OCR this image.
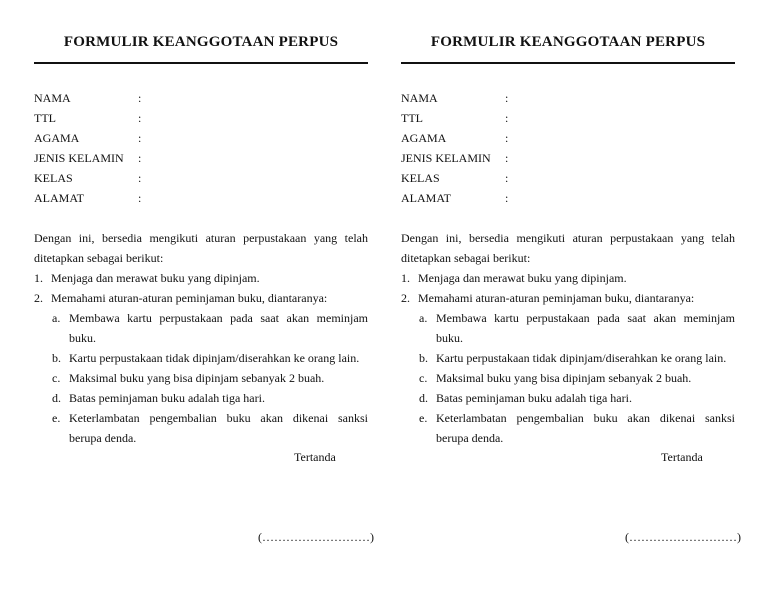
FORMULIR KEANGGOTAAN PERPUS
NAMA	:
TTL	:
AGAMA	:
JENIS KELAMIN :
KELAS	:
ALAMAT	:
Dengan ini, bersedia mengikuti aturan perpustakaan yang telah ditetapkan sebagai berikut:
1. Menjaga dan merawat buku yang dipinjam.
2. Memahami aturan-aturan peminjaman buku, diantaranya:
a. Membawa kartu perpustakaan pada saat akan meminjam buku.
b. Kartu perpustakaan tidak dipinjam/diserahkan ke orang lain.
c. Maksimal buku yang bisa dipinjam sebanyak 2 buah.
d. Batas peminjaman buku adalah tiga hari.
e. Keterlambatan pengembalian buku akan dikenai sanksi berupa denda.
Tertanda
(………………………)
FORMULIR KEANGGOTAAN PERPUS
NAMA	:
TTL	:
AGAMA	:
JENIS KELAMIN :
KELAS	:
ALAMAT	:
Dengan ini, bersedia mengikuti aturan perpustakaan yang telah ditetapkan sebagai berikut:
1. Menjaga dan merawat buku yang dipinjam.
2. Memahami aturan-aturan peminjaman buku, diantaranya:
a. Membawa kartu perpustakaan pada saat akan meminjam buku.
b. Kartu perpustakaan tidak dipinjam/diserahkan ke orang lain.
c. Maksimal buku yang bisa dipinjam sebanyak 2 buah.
d. Batas peminjaman buku adalah tiga hari.
e. Keterlambatan pengembalian buku akan dikenai sanksi berupa denda.
Tertanda
(………………………)
